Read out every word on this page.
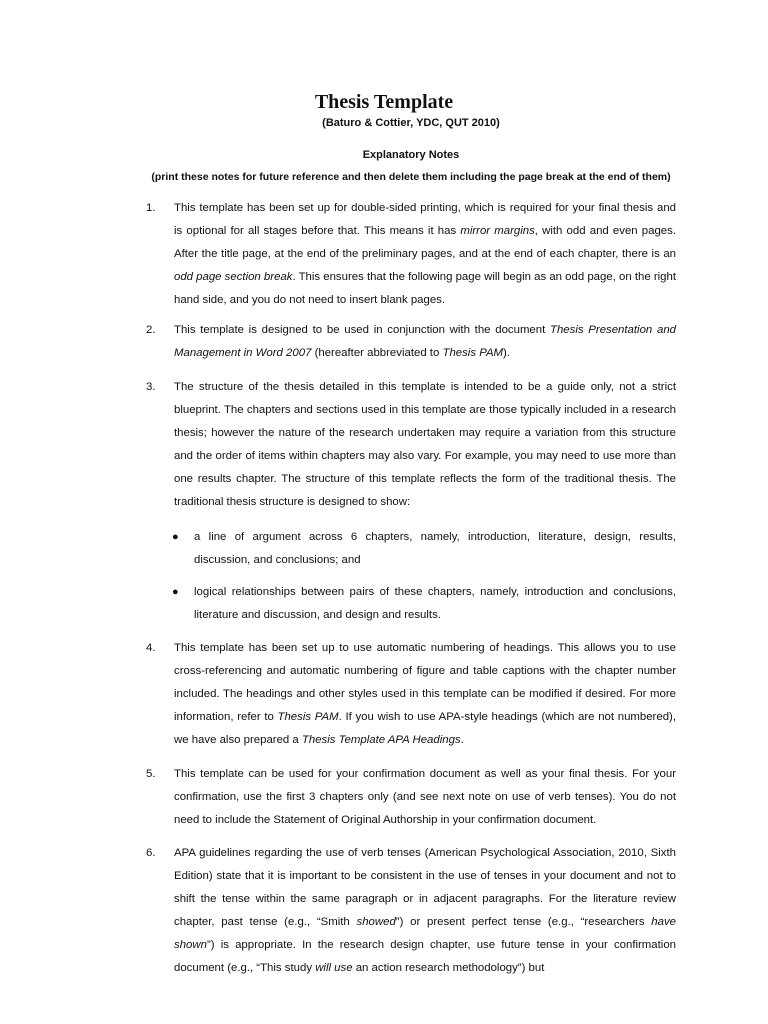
Thesis Template
(Baturo & Cottier, YDC, QUT 2010)
Explanatory Notes
(print these notes for future reference and then delete them including the page break at the end of them)
1.	This template has been set up for double-sided printing, which is required for your final thesis and is optional for all stages before that. This means it has mirror margins, with odd and even pages. After the title page, at the end of the preliminary pages, and at the end of each chapter, there is an odd page section break. This ensures that the following page will begin as an odd page, on the right hand side, and you do not need to insert blank pages.
2.	This template is designed to be used in conjunction with the document Thesis Presentation and Management in Word 2007 (hereafter abbreviated to Thesis PAM).
3.	The structure of the thesis detailed in this template is intended to be a guide only, not a strict blueprint. The chapters and sections used in this template are those typically included in a research thesis; however the nature of the research undertaken may require a variation from this structure and the order of items within chapters may also vary. For example, you may need to use more than one results chapter. The structure of this template reflects the form of the traditional thesis. The traditional thesis structure is designed to show:
● a line of argument across 6 chapters, namely, introduction, literature, design, results, discussion, and conclusions; and
● logical relationships between pairs of these chapters, namely, introduction and conclusions, literature and discussion, and design and results.
4.	This template has been set up to use automatic numbering of headings. This allows you to use cross-referencing and automatic numbering of figure and table captions with the chapter number included. The headings and other styles used in this template can be modified if desired. For more information, refer to Thesis PAM. If you wish to use APA-style headings (which are not numbered), we have also prepared a Thesis Template APA Headings.
5.	This template can be used for your confirmation document as well as your final thesis. For your confirmation, use the first 3 chapters only (and see next note on use of verb tenses). You do not need to include the Statement of Original Authorship in your confirmation document.
6.	APA guidelines regarding the use of verb tenses (American Psychological Association, 2010, Sixth Edition) state that it is important to be consistent in the use of tenses in your document and not to shift the tense within the same paragraph or in adjacent paragraphs. For the literature review chapter, past tense (e.g., “Smith showed”) or present perfect tense (e.g., “researchers have shown”) is appropriate. In the research design chapter, use future tense in your confirmation document (e.g., “This study will use an action research methodology”) but
